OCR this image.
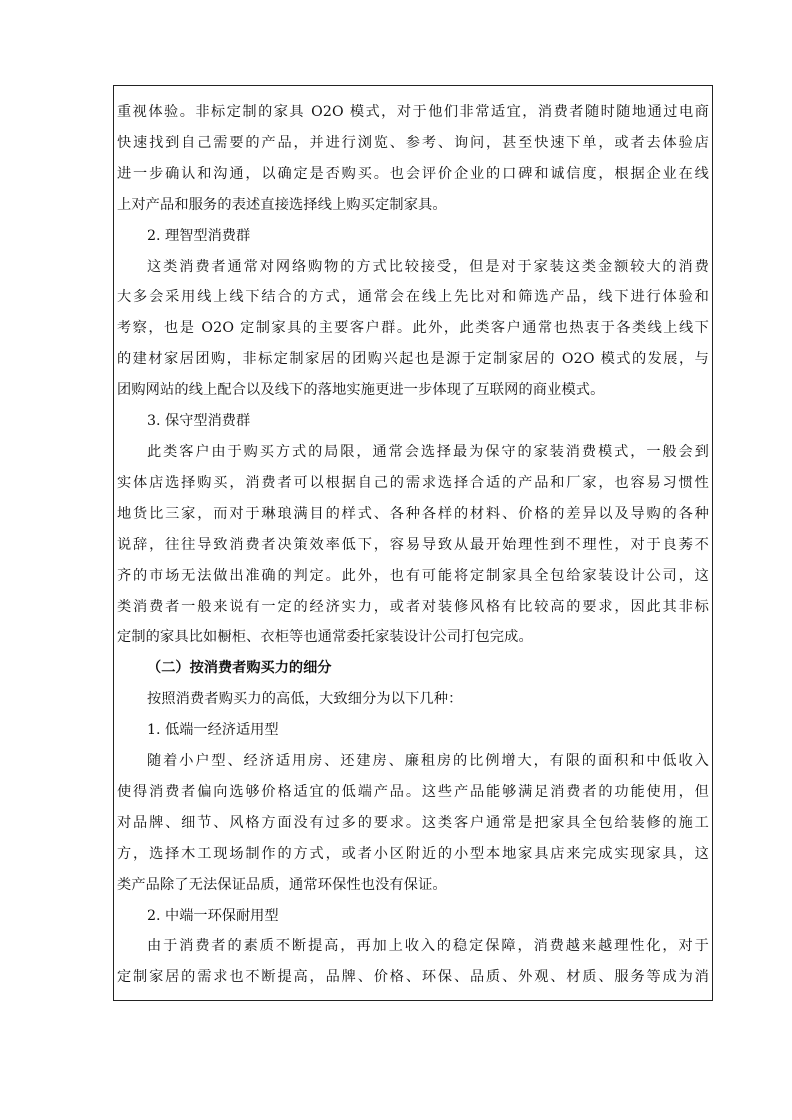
重视体验。非标定制的家具 O2O 模式，对于他们非常适宜，消费者随时随地通过电商

快速找到自己需要的产品，并进行浏览、参考、询问，甚至快速下单，或者去体验店

进一步确认和沟通，以确定是否购买。也会评价企业的口碑和诚信度，根据企业在线

上对产品和服务的表述直接选择线上购买定制家具。

2. 理智型消费群

这类消费者通常对网络购物的方式比较接受，但是对于家装这类金额较大的消费

大多会采用线上线下结合的方式，通常会在线上先比对和筛选产品，线下进行体验和

考察，也是 O2O 定制家具的主要客户群。此外，此类客户通常也热衷于各类线上线下

的建材家居团购，非标定制家居的团购兴起也是源于定制家居的 O2O 模式的发展，与

团购网站的线上配合以及线下的落地实施更进一步体现了互联网的商业模式。

3. 保守型消费群

此类客户由于购买方式的局限，通常会选择最为保守的家装消费模式，一般会到

实体店选择购买，消费者可以根据自己的需求选择合适的产品和厂家，也容易习惯性

地货比三家，而对于琳琅满目的样式、各种各样的材料、价格的差异以及导购的各种

说辞，往往导致消费者决策效率低下，容易导致从最开始理性到不理性，对于良莠不

齐的市场无法做出准确的判定。此外，也有可能将定制家具全包给家装设计公司，这

类消费者一般来说有一定的经济实力，或者对装修风格有比较高的要求，因此其非标

定制的家具比如橱柜、衣柜等也通常委托家装设计公司打包完成。

（二）按消费者购买力的细分

按照消费者购买力的高低，大致细分为以下几种：

1. 低端一经济适用型

随着小户型、经济适用房、还建房、廉租房的比例增大，有限的面积和中低收入

使得消费者偏向选够价格适宜的低端产品。这些产品能够满足消费者的功能使用，但

对品牌、细节、风格方面没有过多的要求。这类客户通常是把家具全包给装修的施工

方，选择木工现场制作的方式，或者小区附近的小型本地家具店来完成实现家具，这

类产品除了无法保证品质，通常环保性也没有保证。

2. 中端一环保耐用型

由于消费者的素质不断提高，再加上收入的稳定保障，消费越来越理性化，对于

定制家居的需求也不断提高，品牌、价格、环保、品质、外观、材质、服务等成为消
